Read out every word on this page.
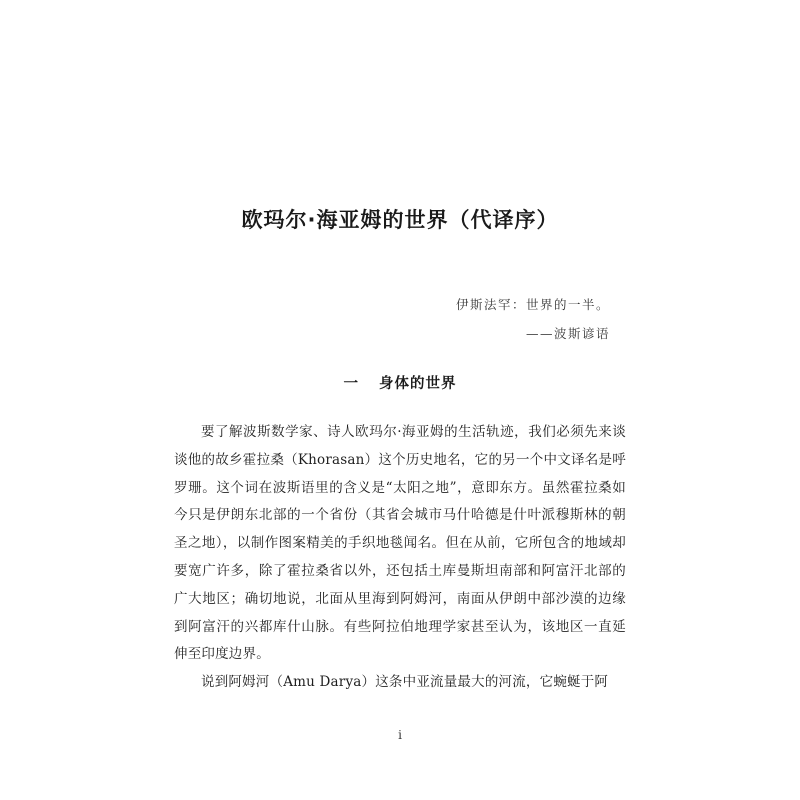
欧玛尔·海亚姆的世界（代译序）
伊斯法罕：世界的一半。
——波斯谚语
一 身体的世界

要了解波斯数学家、诗人欧玛尔·海亚姆的生活轨迹，我们必须先来谈谈他的故乡霍拉桑（Khorasan）这个历史地名，它的另一个中文译名是呼罗珊。这个词在波斯语里的含义是“太阳之地”，意即东方。虽然霍拉桑如今只是伊朗东北部的一个省份（其省会城市马什哈德是什叶派穆斯林的朝圣之地），以制作图案精美的手织地毯闻名。但在从前，它所包含的地域却要宽广许多，除了霍拉桑省以外，还包括土库曼斯坦南部和阿富汗北部的广大地区；确切地说，北面从里海到阿姆河，南面从伊朗中部沙漠的边缘到阿富汗的兴都库什山脉。有些阿拉伯地理学家甚至认为，该地区一直延伸至印度边界。

说到阿姆河（Amu Darya）这条中亚流量最大的河流，它蜿蜒于阿

i
